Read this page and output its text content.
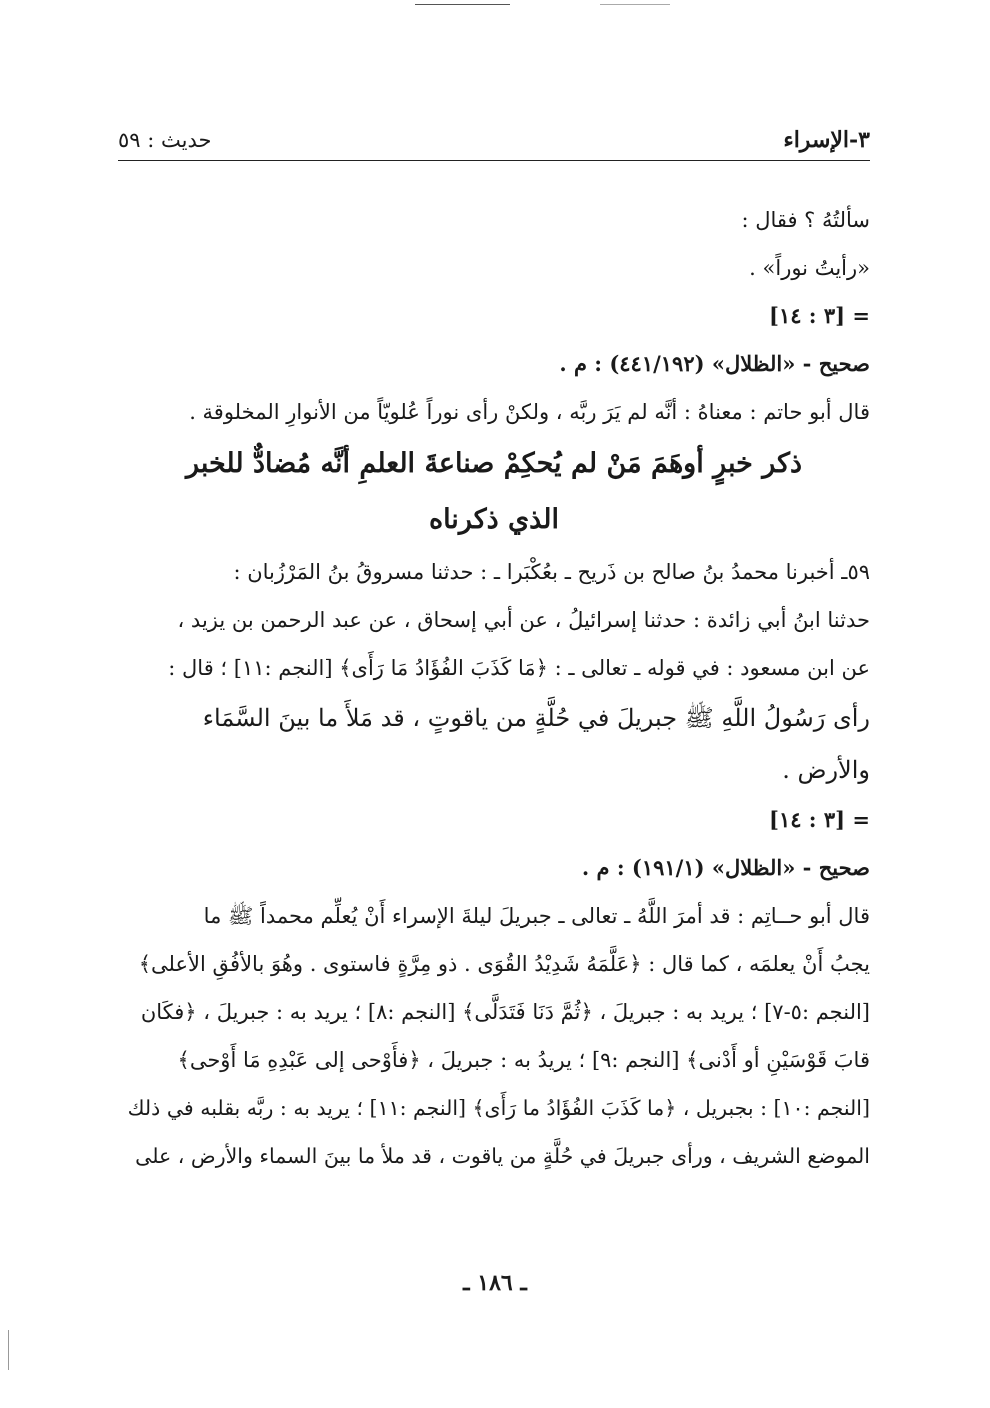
٣-الإسراء
حديث : ٥٩
سألتُهُ ؟ فقال :
«رأيتُ نوراً» .
= [٣ : ١٤]
صحيح - «الظلال» (٤٤١/١٩٢) : م .
قال أبو حاتم : معناهُ : أنَّه لم يَرَ ربَّه ، ولكنْ رأى نوراً عُلويّاً من الأنوارِ المخلوقة .
ذكر خبرٍ أوهَمَ مَنْ لم يُحكِمْ صناعةَ العلمِ أنَّه مُضادٌّ للخبر
الذي ذكرناه
٥٩ـ أخبرنا محمدُ بنُ صالح بن ذَريح ـ بعُكْبَرا ـ : حدثنا مسروقُ بنُ المَرْزُبان :
حدثنا ابنُ أبي زائدة : حدثنا إسرائيلُ ، عن أبي إسحاق ، عن عبد الرحمن بن يزيد ،
عن ابن مسعود : في قوله ـ تعالى ـ : ﴿مَا كَذَبَ الفُؤَادُ مَا رَأَى﴾ [النجم :١١] ؛ قال :
رأى رَسُولُ اللَّهِ ﷺ جبريلَ في حُلَّةٍ من ياقوتٍ ، قد مَلأَ ما بينَ السَّمَاء
والأرض .
= [٣ : ١٤]
صحيح - «الظلال» (١٩١/١) : م .
قال أبو حــاتِم : قد أمرَ اللَّهُ ـ تعالى ـ جبريلَ ليلةَ الإسراء أَنْ يُعلِّم محمداً ﷺ ما
يجبُ أَنْ يعلمَه ، كما قال : ﴿عَلَّمَهُ شَدِيْدُ القُوَى . ذو مِرَّةٍ فاستوى . وهُوَ بالأفُقِ الأعلى﴾
[النجم :٥-٧] ؛ يريد به : جبريلَ ، ﴿ثُمَّ دَنَا فَتَدَلَّى﴾ [النجم :٨] ؛ يريد به : جبريلَ ، ﴿فكَان
قابَ قَوْسَيْنِ أو أَدْنى﴾ [النجم :٩] ؛ يريدُ به : جبريلَ ، ﴿فأَوْحى إلى عَبْدِهِ مَا أَوْحى﴾
[النجم :١٠] : بجبريل ، ﴿ما كَذَبَ الفُؤَادُ ما رَأَى﴾ [النجم :١١] ؛ يريد به : ربَّه بقلبه في ذلك
الموضع الشريف ، ورأى جبريلَ في حُلَّةٍ من ياقوت ، قد ملأ ما بينَ السماء والأرض ، على
ـ ١٨٦ ـ
